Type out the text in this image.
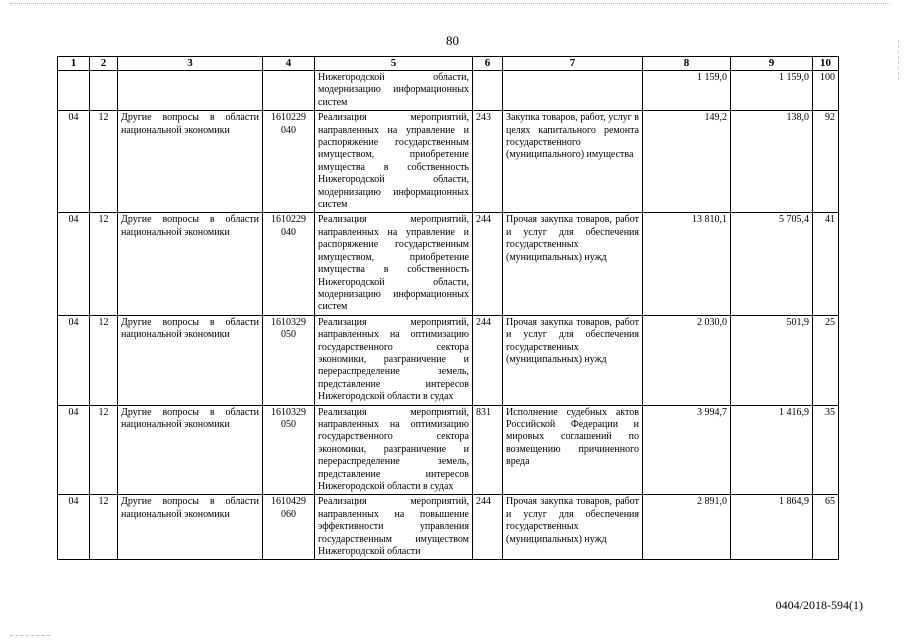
80
1	2	3	4	5	6	7	8	9	10
				Нижегородской области, модернизацию информационных систем			1 159,0	1 159,0	100
04	12	Другие вопросы в области национальной экономики	1610229 040	Реализация мероприятий, направленных на управление и распоряжение государственным имуществом, приобретение имущества в собственность Нижегородской области, модернизацию информационных систем	243	Закупка товаров, работ, услуг в целях капитального ремонта государственного (муниципального) имущества	149,2	138,0	92
04	12	Другие вопросы в области национальной экономики	1610229 040	Реализация мероприятий, направленных на управление и распоряжение государственным имуществом, приобретение имущества в собственность Нижегородской области, модернизацию информационных систем	244	Прочая закупка товаров, работ и услуг для обеспечения государственных (муниципальных) нужд	13 810,1	5 705,4	41
04	12	Другие вопросы в области национальной экономики	1610329 050	Реализация мероприятий, направленных на оптимизацию государственного сектора экономики, разграничение и перераспределение земель, представление интересов Нижегородской области в судах	244	Прочая закупка товаров, работ и услуг для обеспечения государственных (муниципальных) нужд	2 030,0	501,9	25
04	12	Другие вопросы в области национальной экономики	1610329 050	Реализация мероприятий, направленных на оптимизацию государственного сектора экономики, разграничение и перераспределение земель, представление интересов Нижегородской области в судах	831	Исполнение судебных актов Российской Федерации и мировых соглашений по возмещению причиненного вреда	3 994,7	1 416,9	35
04	12	Другие вопросы в области национальной экономики	1610429 060	Реализация мероприятий, направленных на повышение эффективности управления государственным имуществом Нижегородской области	244	Прочая закупка товаров, работ и услуг для обеспечения государственных (муниципальных) нужд	2 891,0	1 864,9	65
0404/2018-594(1)
